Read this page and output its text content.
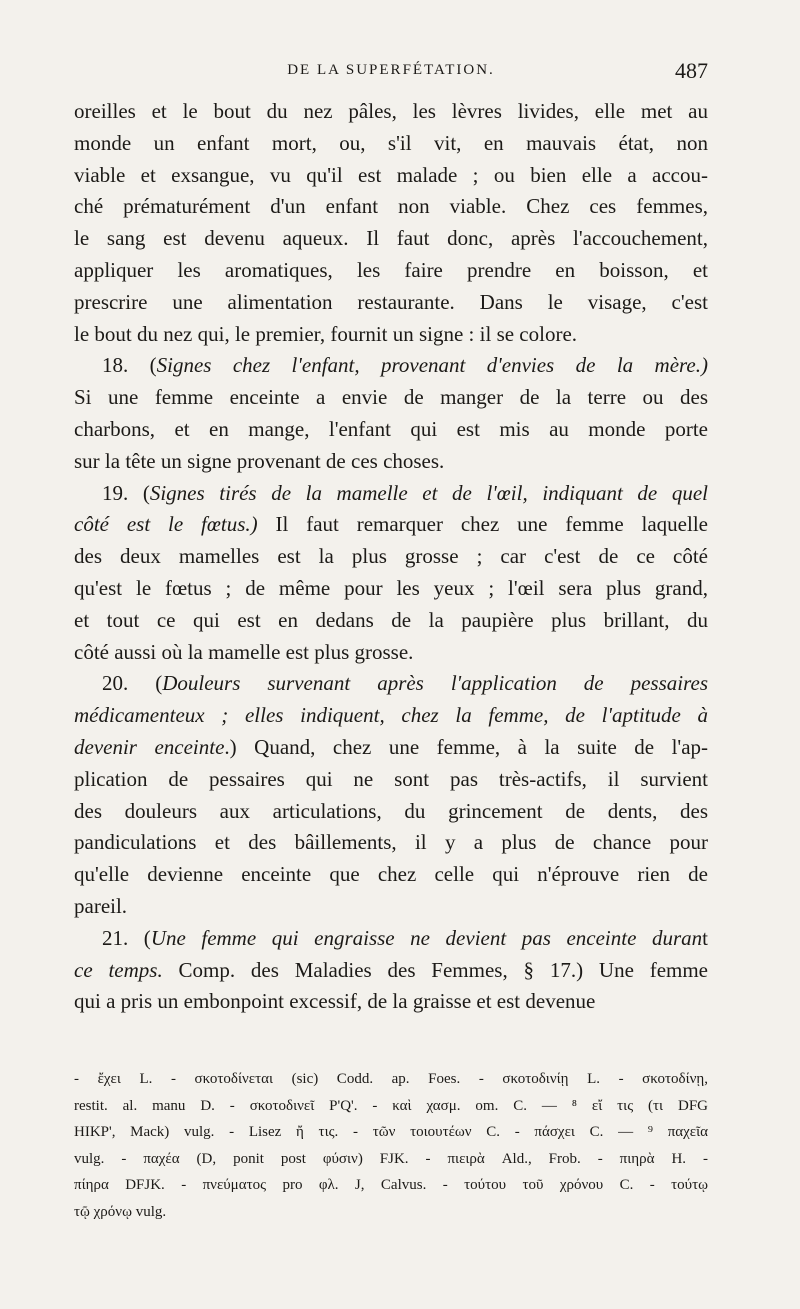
DE LA SUPERFÉTATION.	487
oreilles et le bout du nez pâles, les lèvres livides, elle met au
monde un enfant mort, ou, s'il vit, en mauvais état, non
viable et exsangue, vu qu'il est malade ; ou bien elle a accou-
ché prématurément d'un enfant non viable. Chez ces femmes,
le sang est devenu aqueux. Il faut donc, après l'accouchement,
appliquer les aromatiques, les faire prendre en boisson, et
prescrire une alimentation restaurante. Dans le visage, c'est
le bout du nez qui, le premier, fournit un signe : il se colore.
18. (Signes chez l'enfant, provenant d'envies de la mère.)
Si une femme enceinte a envie de manger de la terre ou des
charbons, et en mange, l'enfant qui est mis au monde porte
sur la tête un signe provenant de ces choses.
19. (Signes tirés de la mamelle et de l'œil, indiquant de quel
côté est le fœtus.) Il faut remarquer chez une femme laquelle
des deux mamelles est la plus grosse ; car c'est de ce côté
qu'est le fœtus ; de même pour les yeux ; l'œil sera plus grand,
et tout ce qui est en dedans de la paupière plus brillant, du
côté aussi où la mamelle est plus grosse.
20. (Douleurs survenant après l'application de pessaires
médicamenteux ; elles indiquent, chez la femme, de l'aptitude à
devenir enceinte.) Quand, chez une femme, à la suite de l'ap-
plication de pessaires qui ne sont pas très-actifs, il survient
des douleurs aux articulations, du grincement de dents, des
pandiculations et des bâillements, il y a plus de chance pour
qu'elle devienne enceinte que chez celle qui n'éprouve rien de
pareil.
21. (Une femme qui engraisse ne devient pas enceinte durant
ce temps. Comp. des Maladies des Femmes, § 17.) Une femme
qui a pris un embonpoint excessif, de la graisse et est devenue
- ἔχει L. - σκοτοδίνεται (sic) Codd. ap. Foes. - σκοτοδινίῃ L. - σκοτοδίνῃ,
restit. al. manu D. - σκοτοδινεῖ P'Q'. - καὶ χασμ. om. C. — ⁸ εἴ τις (τι DFG
HIKP', Mack) vulg. - Lisez ἤ τις. - τῶν τοιουτέων C. - πάσχει C. — ⁹ παχεῖα
vulg. - παχέα (D, ponit post φύσιν) FJK. - πιειρὰ Ald., Frob. - πιηρὰ H. -
πίηρα DFJK. - πνεύματος pro φλ. J, Calvus. - τούτου τοῦ χρόνου C. - τούτῳ
τῷ χρόνῳ vulg.
